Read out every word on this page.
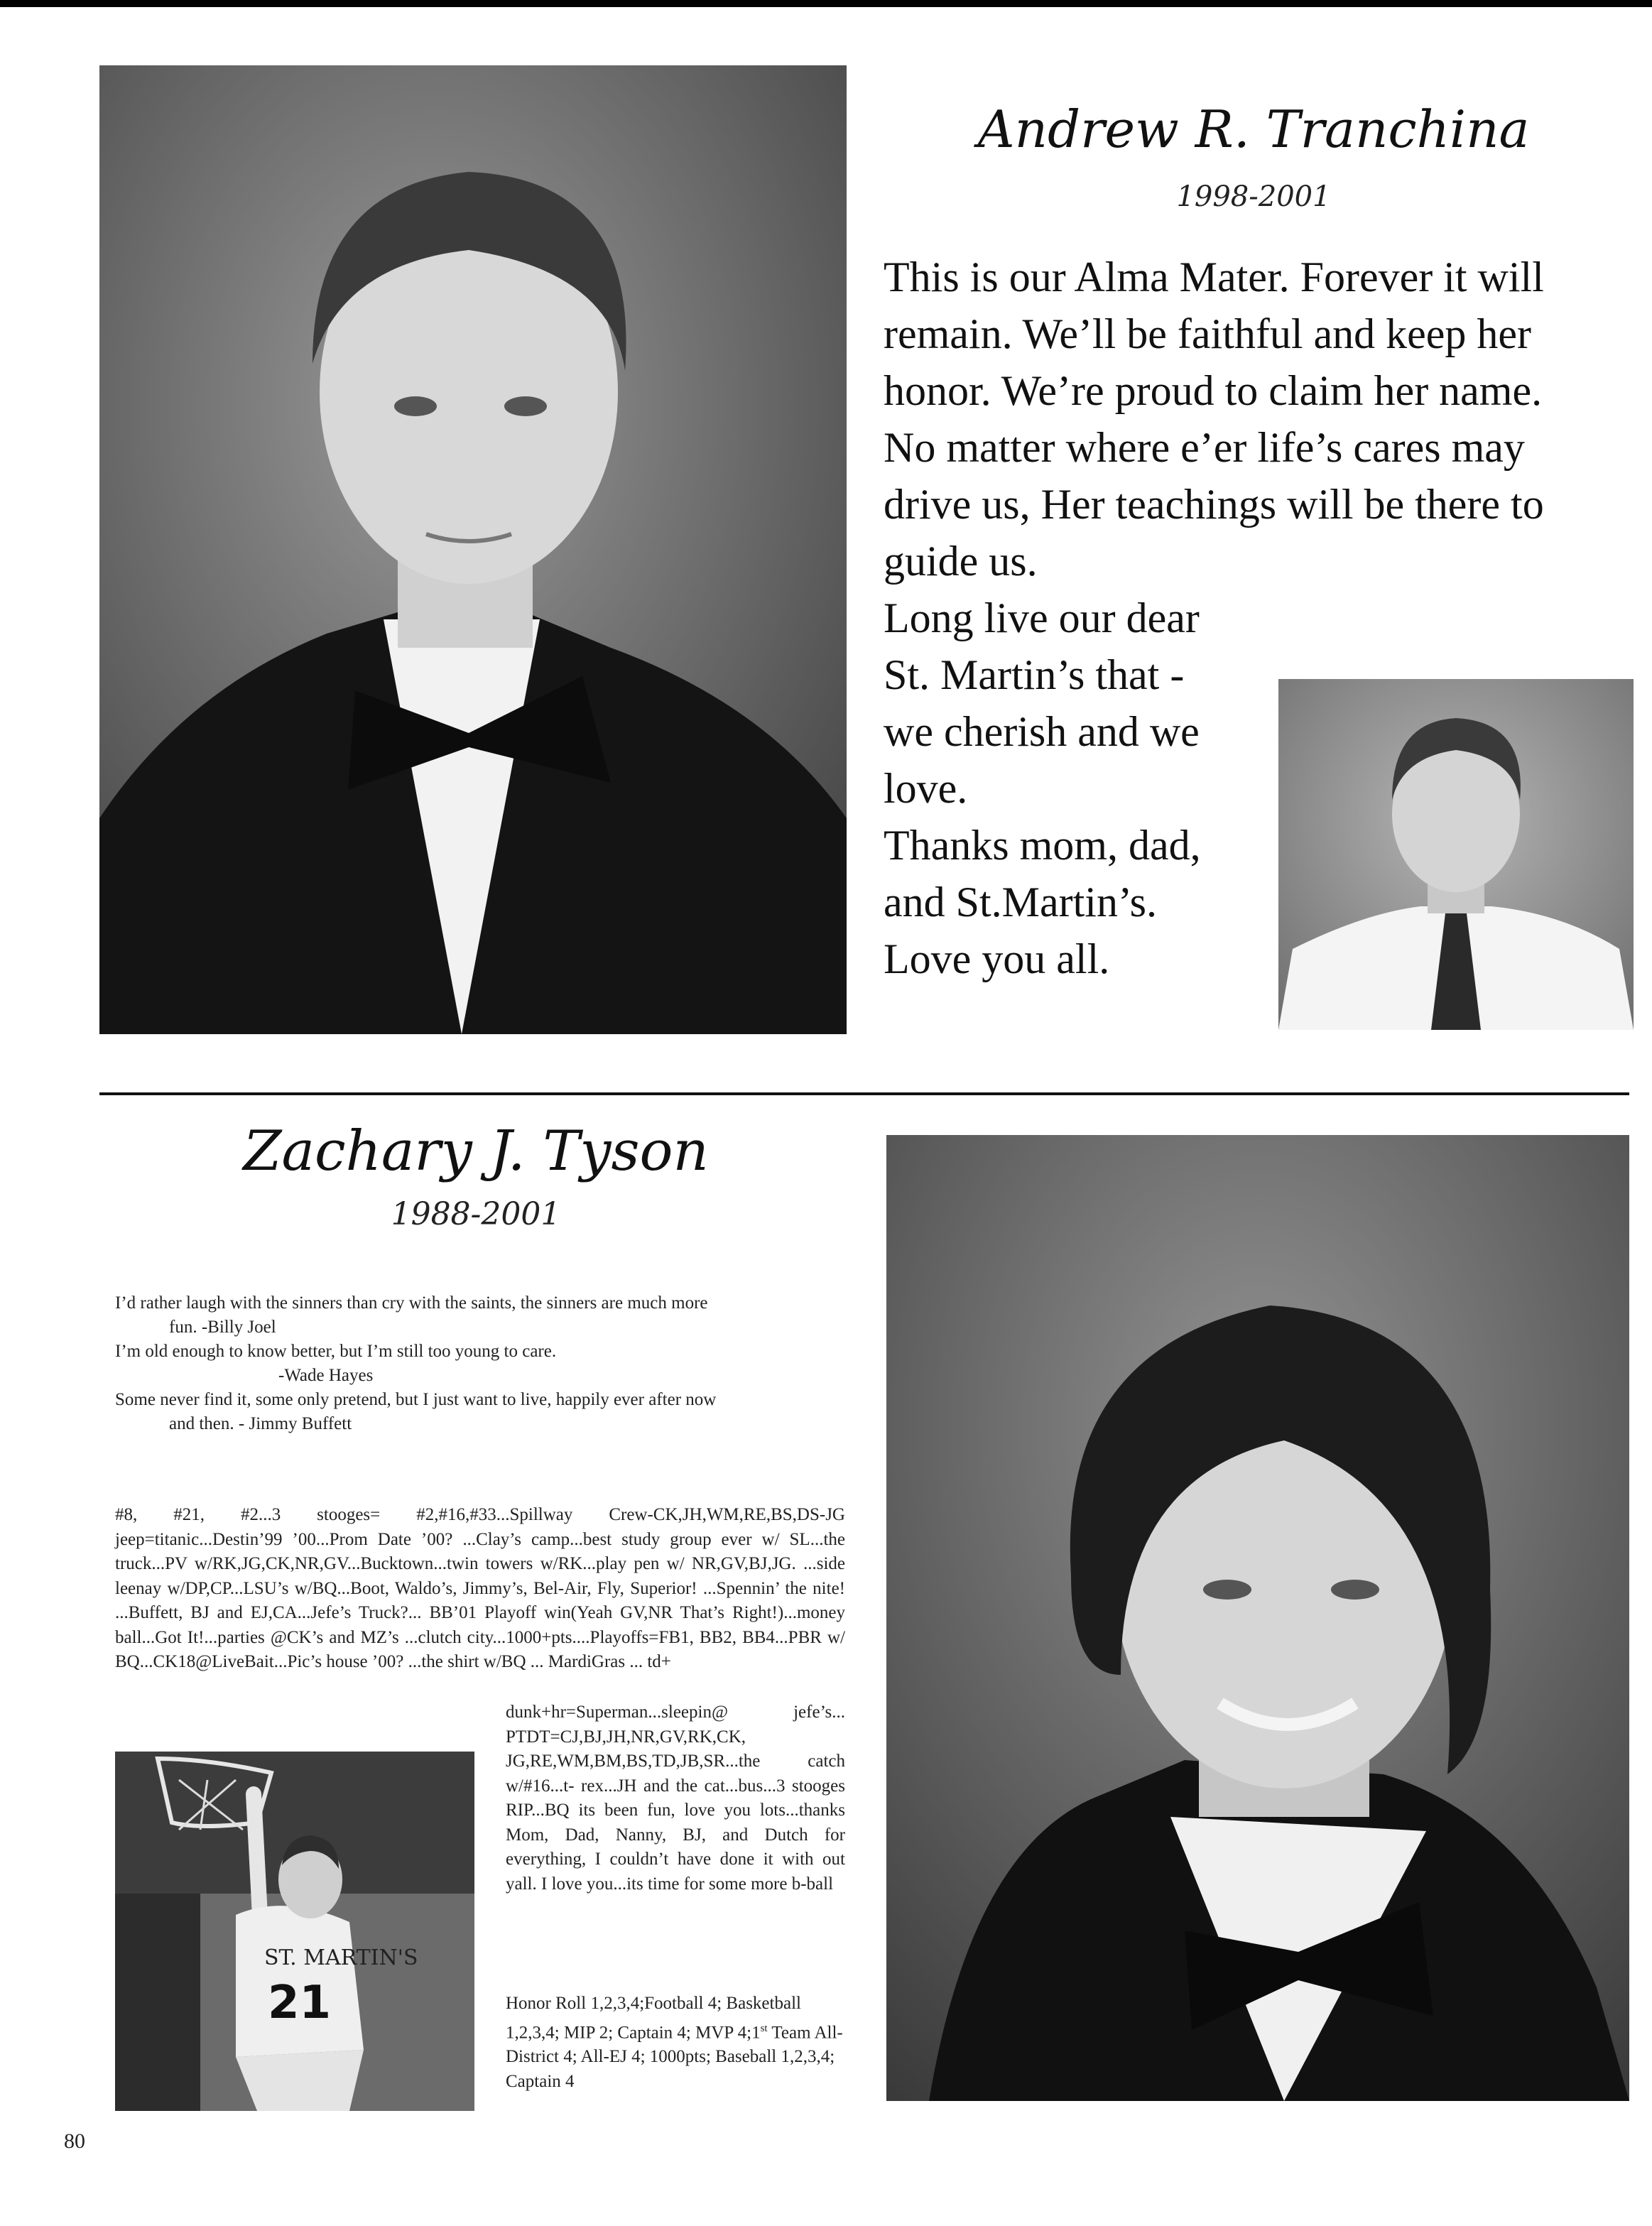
Andrew R. Tranchina
1998-2001
This is our Alma Mater. Forever it will
remain. We’ll be faithful and keep her
honor. We’re proud to claim her name.
No matter where e’er life’s cares may
drive us, Her teachings will be there to
guide us.
Long live our dear
St. Martin’s that -
we cherish and we
love.
Thanks mom, dad,
and St.Martin’s.
Love you all.
Zachary J. Tyson
1988-2001
I’d rather laugh with the sinners than cry with the saints, the sinners are much more
fun. -Billy Joel
I’m old enough to know better, but I’m still too young to care.
-Wade Hayes
Some never find it, some only pretend, but I just want to live, happily ever after now
and then. - Jimmy Buffett
#8, #21, #2...3 stooges= #2,#16,#33...Spillway Crew-CK,JH,WM,RE,BS,DS-JG jeep=titanic...Destin’99 ’00...Prom Date ’00? ...Clay’s camp...best study group ever w/ SL...the truck...PV w/RK,JG,CK,NR,GV...Bucktown...twin towers w/RK...play pen w/ NR,GV,BJ,JG. ...side leenay w/DP,CP...LSU’s w/BQ...Boot, Waldo’s, Jimmy’s, Bel-Air, Fly, Superior! ...Spennin’ the nite! ...Buffett, BJ and EJ,CA...Jefe’s Truck?... BB’01 Playoff win(Yeah GV,NR That’s Right!)...money ball...Got It!...parties @CK’s and MZ’s ...clutch city...1000+pts....Playoffs=FB1, BB2, BB4...PBR w/ BQ...CK18@LiveBait...Pic’s house ’00? ...the shirt w/BQ ... MardiGras ... td+
dunk+hr=Superman...sleepin@ jefe’s... PTDT=CJ,BJ,JH,NR,GV,RK,CK, JG,RE,WM,BM,BS,TD,JB,SR...the catch w/#16...t- rex...JH and the cat...bus...3 stooges RIP...BQ its been fun, love you lots...thanks Mom, Dad, Nanny, BJ, and Dutch for everything, I couldn’t have done it with out yall. I love you...its time for some more b-ball
ST. MARTIN'S
21	Honor Roll 1,2,3,4;Football 4; Basketball 1,2,3,4; MIP 2; Captain 4; MVP 4;1st Team All-District 4; All-EJ 4; 1000pts; Baseball 1,2,3,4; Captain 4
80
